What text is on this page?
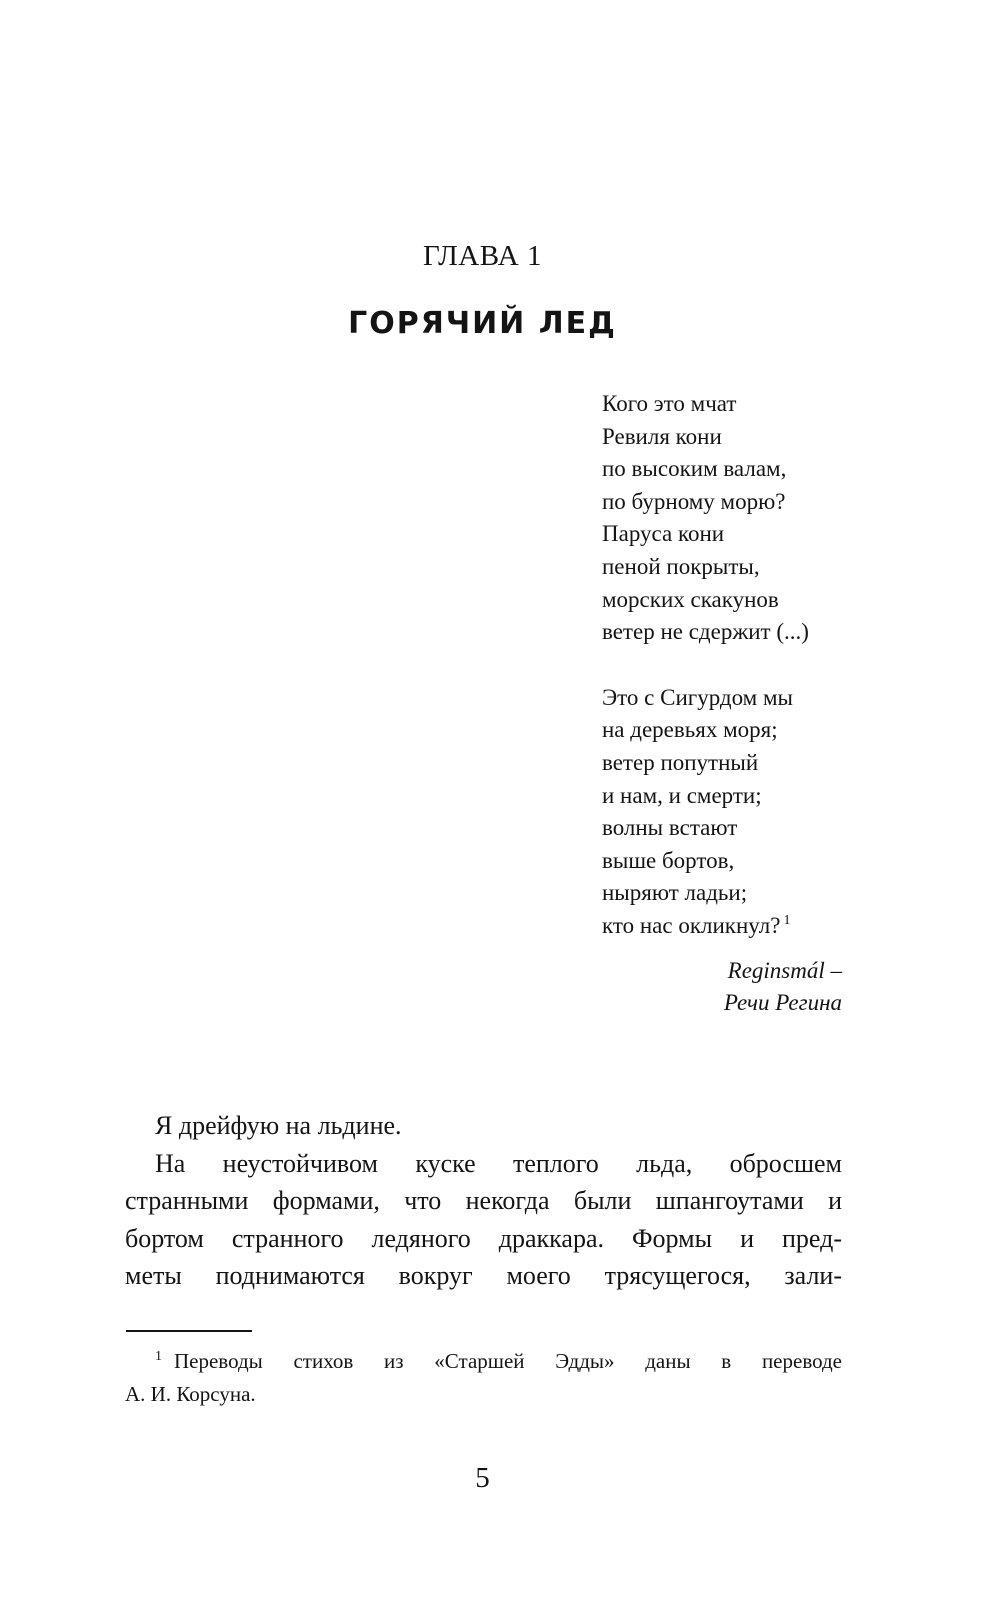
ГЛАВА 1
ГОРЯЧИЙ ЛЕД
Кого это мчат
Ревиля кони
по высоким валам,
по бурному морю?
Паруса кони
пеной покрыты,
морских скакунов
ветер не сдержит (...)
Это с Сигурдом мы
на деревьях моря;
ветер попутный
и нам, и смерти;
волны встают
выше бортов,
ныряют ладьи;
кто нас окликнул? $^1$
Reginsmál –
Речи Регина
Я дрейфую на льдине.
На неустойчивом куске теплого льда, обросшем
странными формами, что некогда были шпангоутами и
бортом странного ледяного драккара. Формы и пред-
меты поднимаются вокруг моего трясущегося, зали-
$^1$ Переводы стихов из «Старшей Эдды» даны в переводе
А. И. Корсуна.
5
